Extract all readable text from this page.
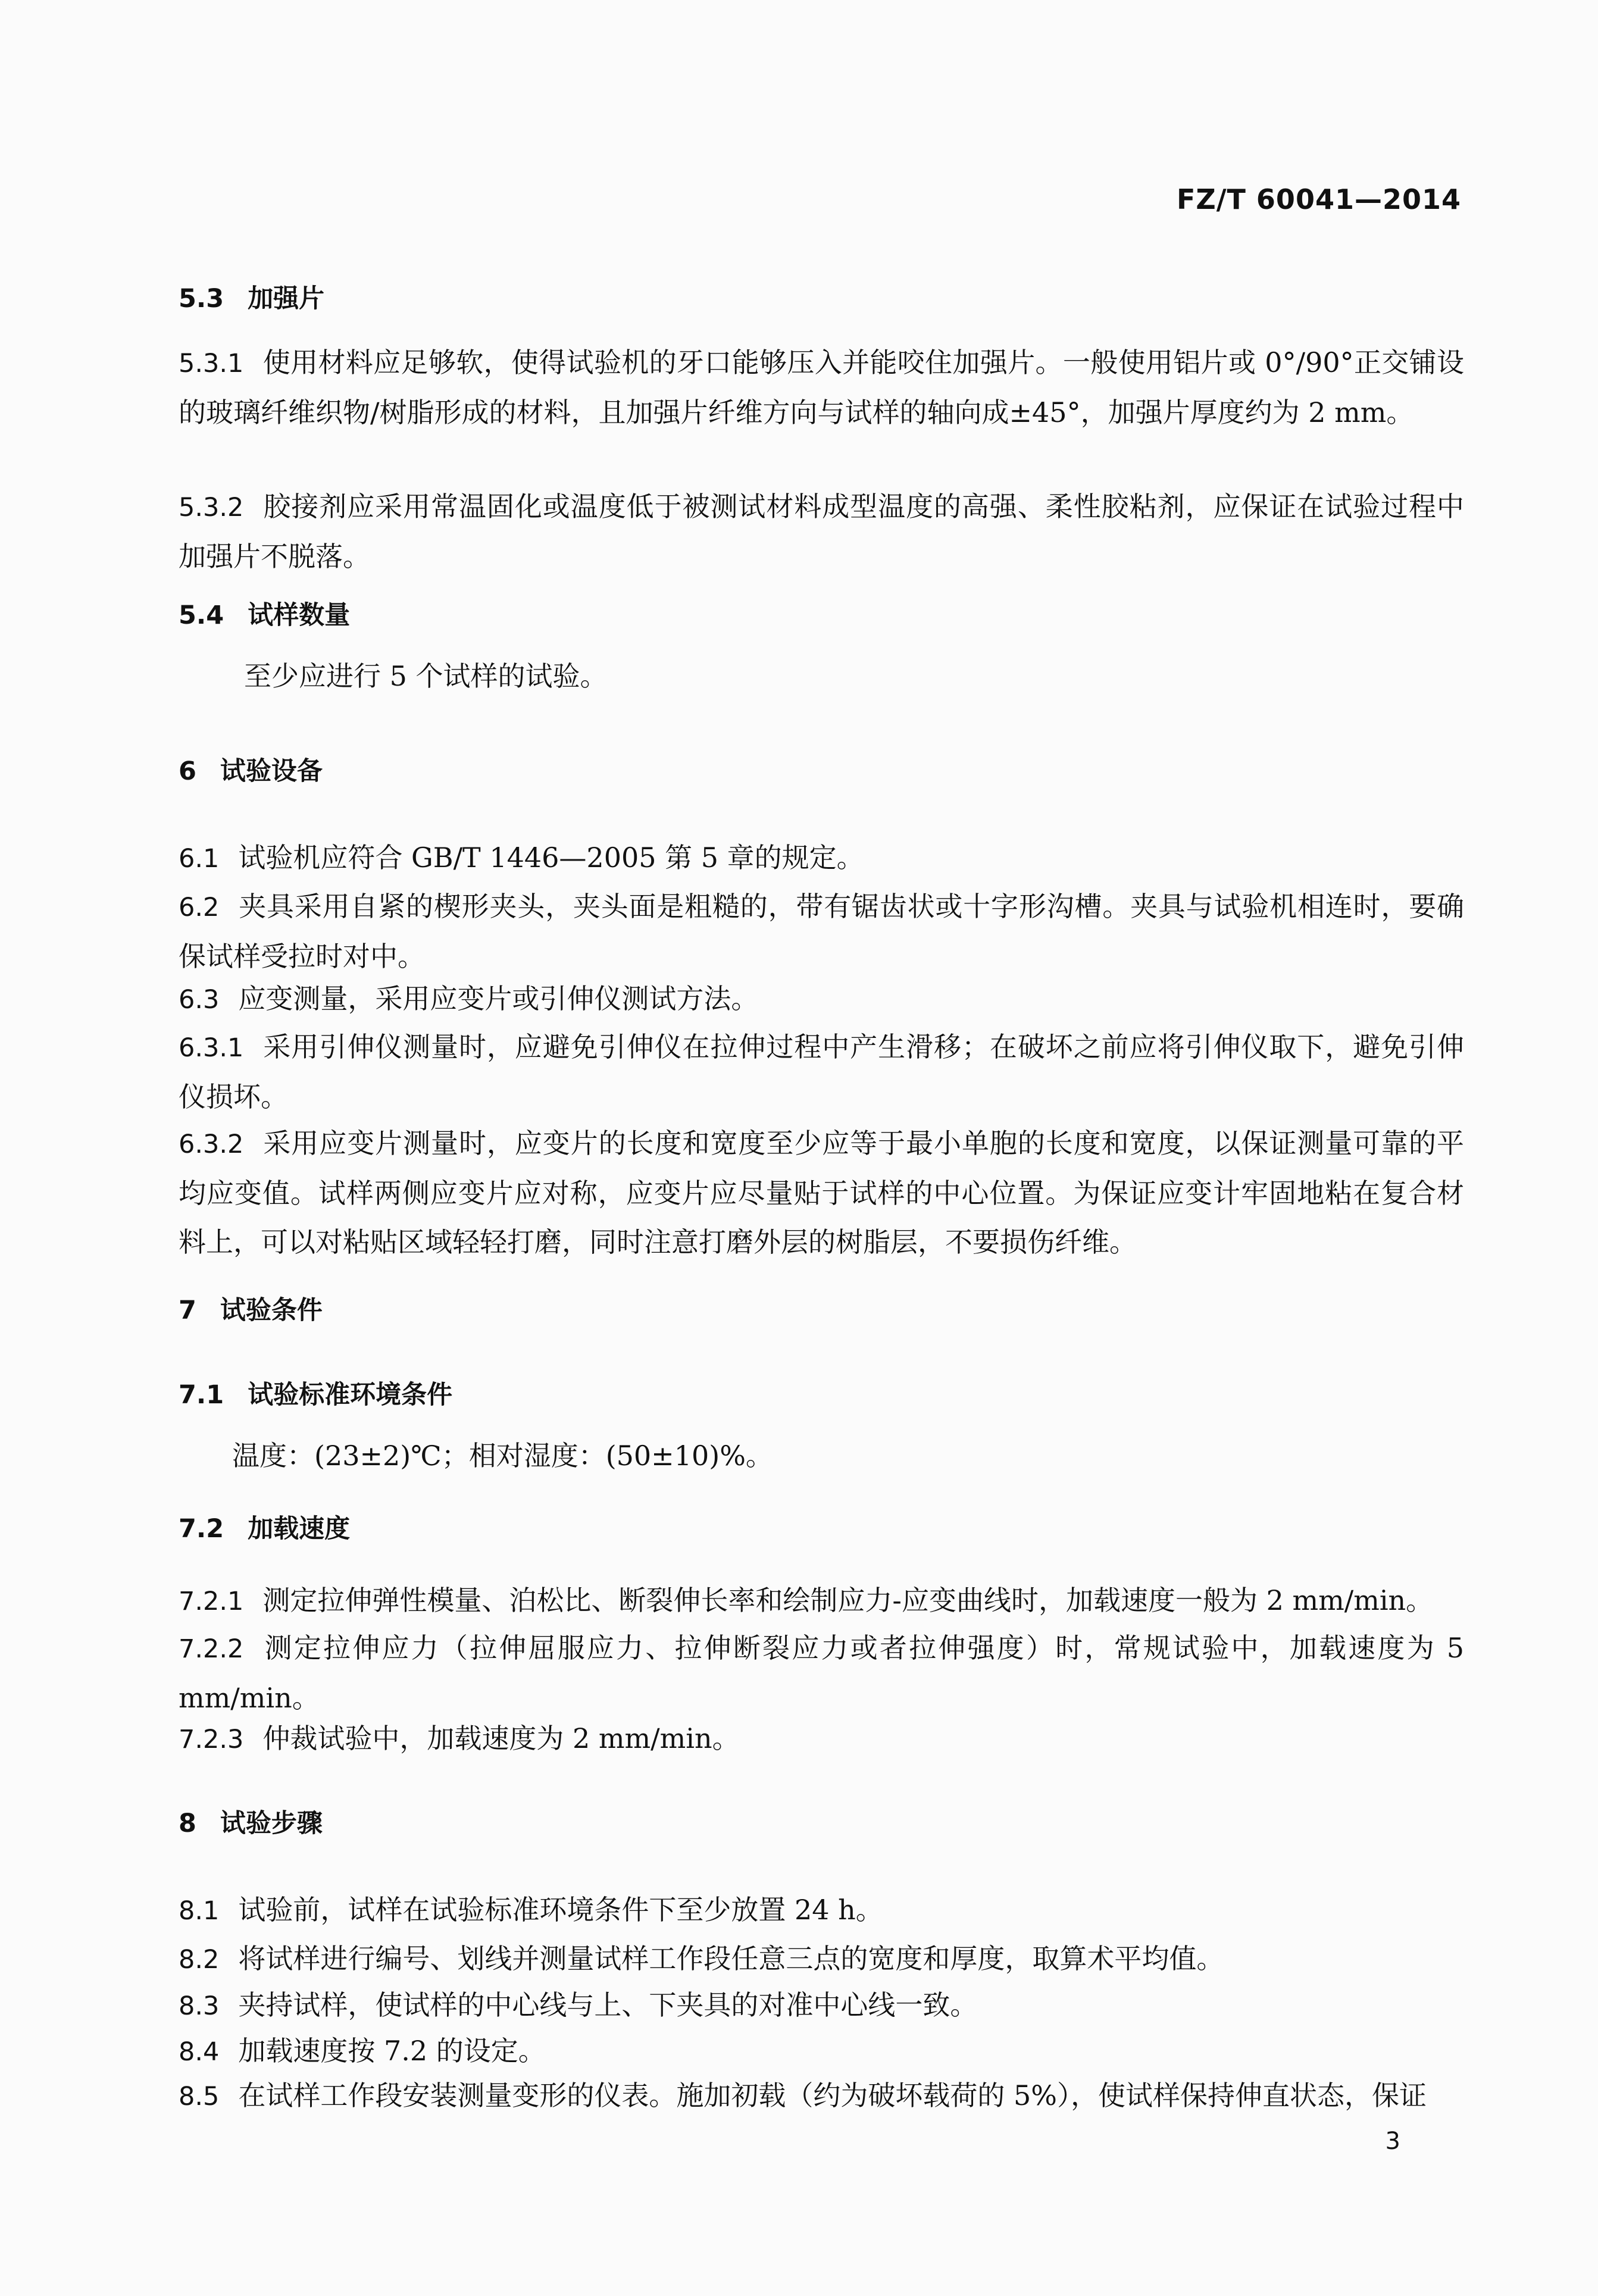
FZ/T 60041—2014
5.3 加强片

5.3.1 使用材料应足够软，使得试验机的牙口能够压入并能咬住加强片。一般使用铝片或 0°/90°正交铺设的玻璃纤维织物/树脂形成的材料，且加强片纤维方向与试样的轴向成±45°，加强片厚度约为 2 mm。

5.3.2 胶接剂应采用常温固化或温度低于被测试材料成型温度的高强、柔性胶粘剂，应保证在试验过程中加强片不脱落。

5.4 试样数量

至少应进行 5 个试样的试验。

6 试验设备

6.1 试验机应符合 GB/T 1446—2005 第 5 章的规定。

6.2 夹具采用自紧的楔形夹头，夹头面是粗糙的，带有锯齿状或十字形沟槽。夹具与试验机相连时，要确保试样受拉时对中。

6.3 应变测量，采用应变片或引伸仪测试方法。

6.3.1 采用引伸仪测量时，应避免引伸仪在拉伸过程中产生滑移；在破坏之前应将引伸仪取下，避免引伸仪损坏。

6.3.2 采用应变片测量时，应变片的长度和宽度至少应等于最小单胞的长度和宽度，以保证测量可靠的平均应变值。试样两侧应变片应对称，应变片应尽量贴于试样的中心位置。为保证应变计牢固地粘在复合材料上，可以对粘贴区域轻轻打磨，同时注意打磨外层的树脂层，不要损伤纤维。

7 试验条件
7.1 试验标准环境条件

温度：(23±2)℃；相对湿度：(50±10)%。

7.2 加载速度

7.2.1 测定拉伸弹性模量、泊松比、断裂伸长率和绘制应力-应变曲线时，加载速度一般为 2 mm/min。

7.2.2 测定拉伸应力（拉伸屈服应力、拉伸断裂应力或者拉伸强度）时，常规试验中，加载速度为 5 mm/min。

7.2.3 仲裁试验中，加载速度为 2 mm/min。

8 试验步骤

8.1 试验前，试样在试验标准环境条件下至少放置 24 h。

8.2 将试样进行编号、划线并测量试样工作段任意三点的宽度和厚度，取算术平均值。

8.3 夹持试样，使试样的中心线与上、下夹具的对准中心线一致。

8.4 加载速度按 7.2 的设定。

8.5 在试样工作段安装测量变形的仪表。施加初载（约为破坏载荷的 5%），使试样保持伸直状态，保证

3
